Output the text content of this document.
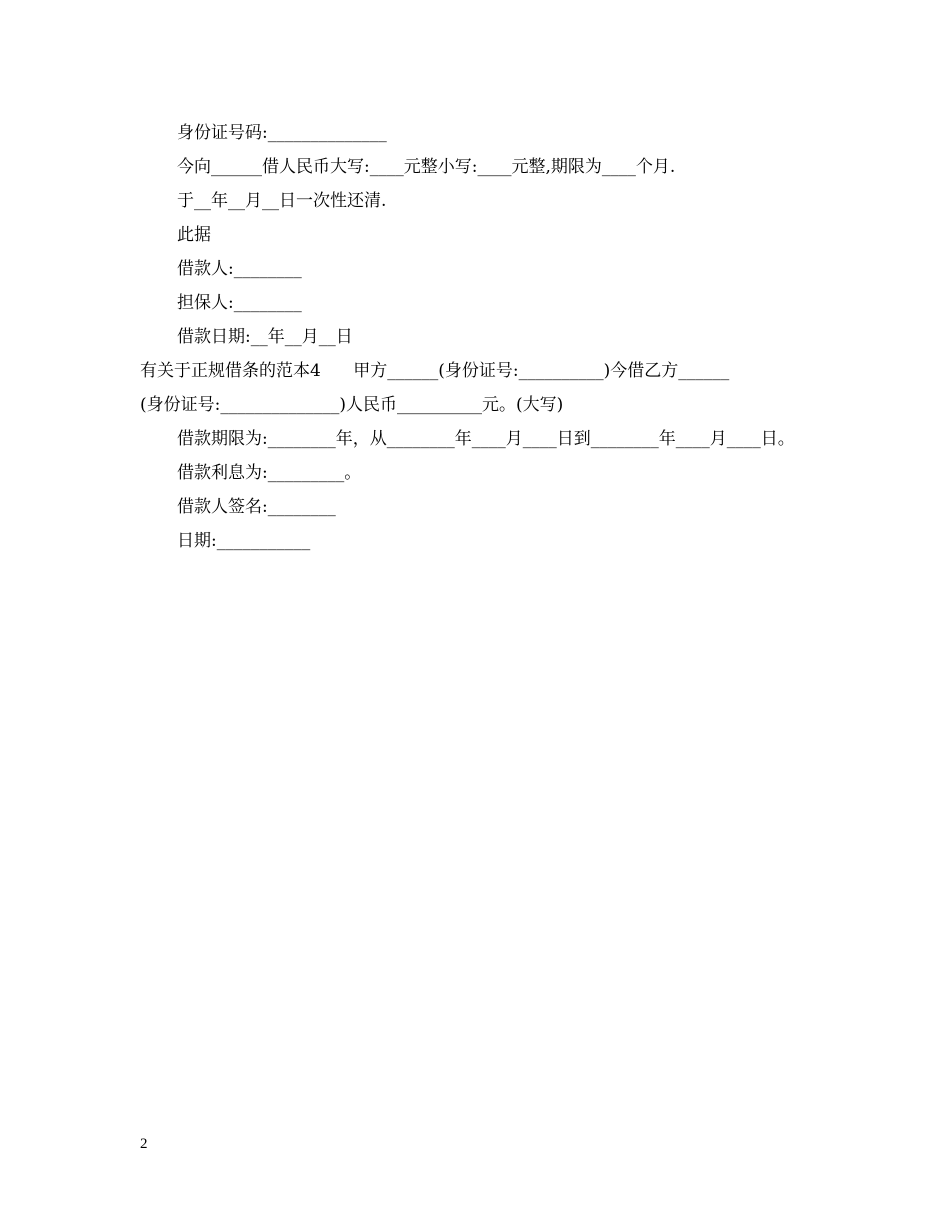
身份证号码:______________

今向______借人民币大写:____元整小写:____元整,期限为____个月.

于__年__月__日一次性还清.

此据

借款人:________

担保人:________

借款日期:__年__月__日

有关于正规借条的范本4 甲方______(身份证号:__________)今借乙方______

(身份证号:______________)人民币__________元。(大写)

借款期限为:________年，从________年____月____日到________年____月____日。

借款利息为:_________。

借款人签名:________

日期:___________

2
